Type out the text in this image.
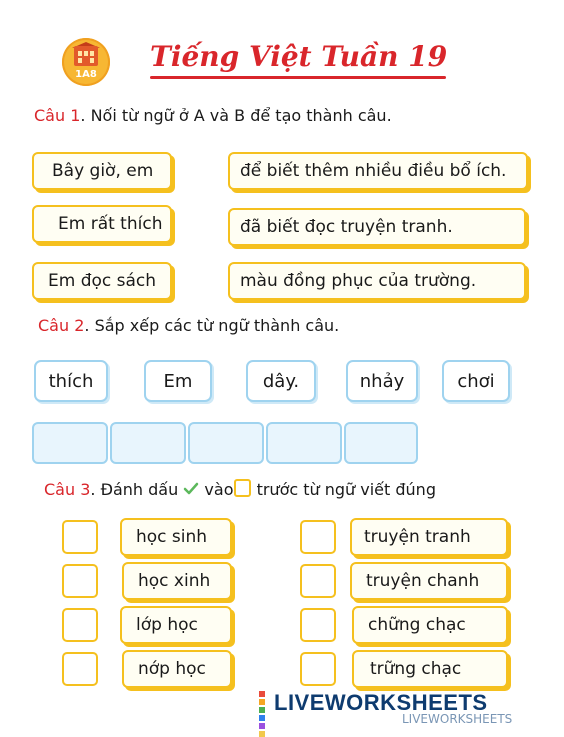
1A8
Tiếng Việt Tuần 19
Câu 1. Nối từ ngữ ở A và B để tạo thành câu.
Bây giờ, em
Em rất thích
Em đọc sách
để biết thêm nhiều điều bổ ích.
đã biết đọc truyện tranh.
màu đồng phục của trường.
Câu 2. Sắp xếp các từ ngữ thành câu.
thích	Em	dây.	nhảy	chơi
Câu 3. Đánh dấu  vào trước từ ngữ viết đúng
học sinh
học xinh
lớp học
nớp học
truyện tranh
truyện chanh
chững chạc
trững chạc
LIVEWORKSHEETS
LIVEWORKSHEETS
